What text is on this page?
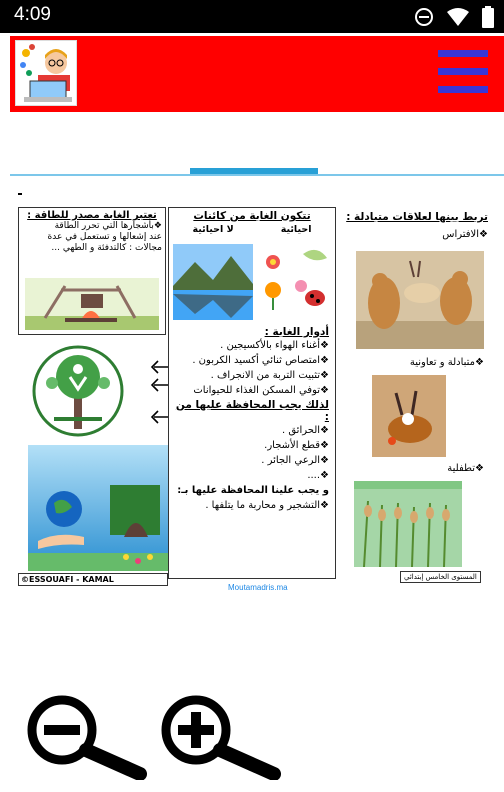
4:09
تعتبر الغابة مصدر للطاقة :
❖بأشجارها التي تحرر الطاقة
عند إشعالها و تستعمل في عدة
مجالات : كالتدفئة و الطهي ...
©ESSOUAFI - KAMAL
تتكون الغابة من كائنات
احيائية
لا احيائية
أدوار الغابة :
❖أغناء الهواء بالأكسيجين .
❖امتصاص ثنائي أكسيد الكربون .
❖تثبيت التربة من الانجراف .
❖توفي المسكن الغذاء للحيوانات
لذلك يجب المحافظة عليها من :
❖الحرائق .
❖قطع الأشجار.
❖الرعي الجائر .
❖....
و يجب علينا المحافظة عليها بـ:
❖التشجير و محاربة ما يتلفها .
Moutamadris.ma
تربط بينها لعلاقات متبادلة :
❖الافتراس
❖متبادلة و تعاونية
❖تطفلية
المستوى الخامس إبتدائي
